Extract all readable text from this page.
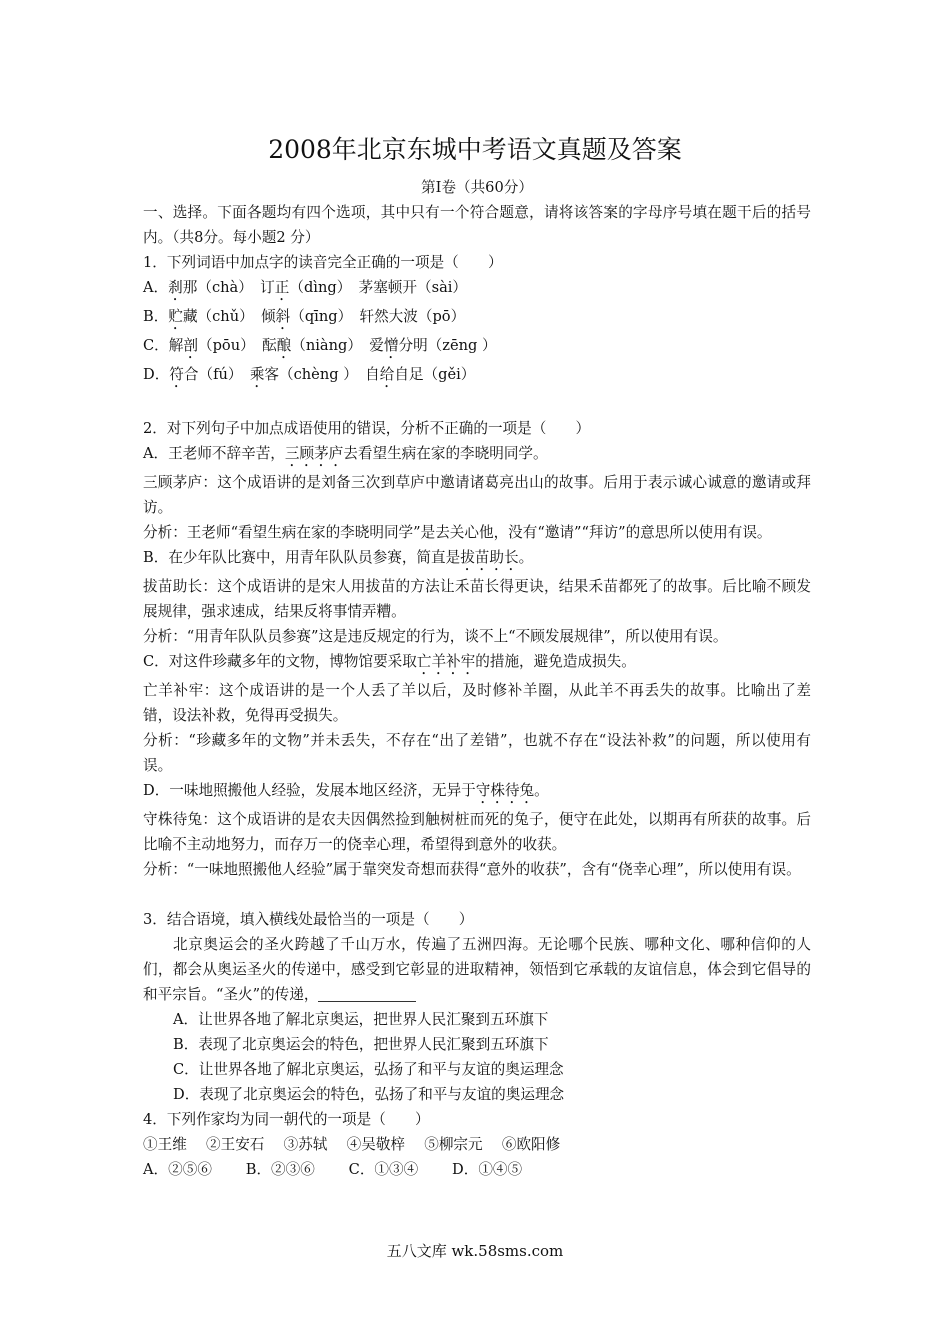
2008年北京东城中考语文真题及答案
第Ⅰ卷（共60分）
一、选择。下面各题均有四个选项，其中只有一个符合题意，请将该答案的字母序号填在题干后的括号内。（共8分。每小题2 分）
1．下列词语中加点字的读音完全正确的一项是（　　）
A．刹那（chà）　 订正（dìng）　 茅塞顿开（sài）
B．贮藏（chǔ）　 倾斜（qīng）　 轩然大波（pō）
C．解剖（pōu）　 酝酿（niàng）　 爱憎分明（zēng ）
D．符合（fú）　 乘客（chèng ）　 自给自足（gěi）
2．对下列句子中加点成语使用的错误，分析不正确的一项是（　　）
A．王老师不辞辛苦，三顾茅庐去看望生病在家的李晓明同学。
三顾茅庐：这个成语讲的是刘备三次到草庐中邀请诸葛亮出山的故事。后用于表示诚心诚意的邀请或拜访。
分析：王老师“看望生病在家的李晓明同学”是去关心他，没有“邀请”“拜访”的意思所以使用有误。
B．在少年队比赛中，用青年队队员参赛，简直是拔苗助长。
拔苗助长：这个成语讲的是宋人用拔苗的方法让禾苗长得更诀，结果禾苗都死了的故事。后比喻不顾发展规律，强求速成，结果反将事情弄糟。
分析：“用青年队队员参赛”这是违反规定的行为，谈不上“不顾发展规律”，所以使用有误。
C．对这件珍藏多年的文物，博物馆要采取亡羊补牢的措施，避免造成损失。
亡羊补牢：这个成语讲的是一个人丢了羊以后，及时修补羊圈，从此羊不再丢失的故事。比喻出了差错，设法补救，免得再受损失。
分析：“珍藏多年的文物”并未丢失，不存在“出了差错”，也就不存在“设法补救”的问题，所以使用有误。
D．一味地照搬他人经验，发展本地区经济，无异于守株待兔。
守株待兔：这个成语讲的是农夫因偶然捡到触树桩而死的兔子，便守在此处，以期再有所获的故事。后比喻不主动地努力，而存万一的侥幸心理，希望得到意外的收获。
分析：“一味地照搬他人经验”属于靠突发奇想而获得“意外的收获”，含有“侥幸心理”，所以使用有误。
3．结合语境，填入横线处最恰当的一项是（　　）
北京奥运会的圣火跨越了千山万水，传遍了五洲四海。无论哪个民族、哪种文化、哪种信仰的人们，都会从奥运圣火的传递中，感受到它彰显的进取精神，领悟到它承载的友谊信息，体会到它倡导的和平宗旨。“圣火”的传递，
A．让世界各地了解北京奥运，把世界人民汇聚到五环旗下
B．表现了北京奥运会的特色，把世界人民汇聚到五环旗下
C．让世界各地了解北京奥运，弘扬了和平与友谊的奥运理念
D．表现了北京奥运会的特色，弘扬了和平与友谊的奥运理念
4．下列作家均为同一朝代的一项是（　　）
①王维　 ②王安石　 ③苏轼　 ④吴敬梓　 ⑤柳宗元　 ⑥欧阳修
A．②⑤⑥　　 B．②③⑥　　 C．①③④　　 D．①④⑤
五八文库 wk.58sms.com
